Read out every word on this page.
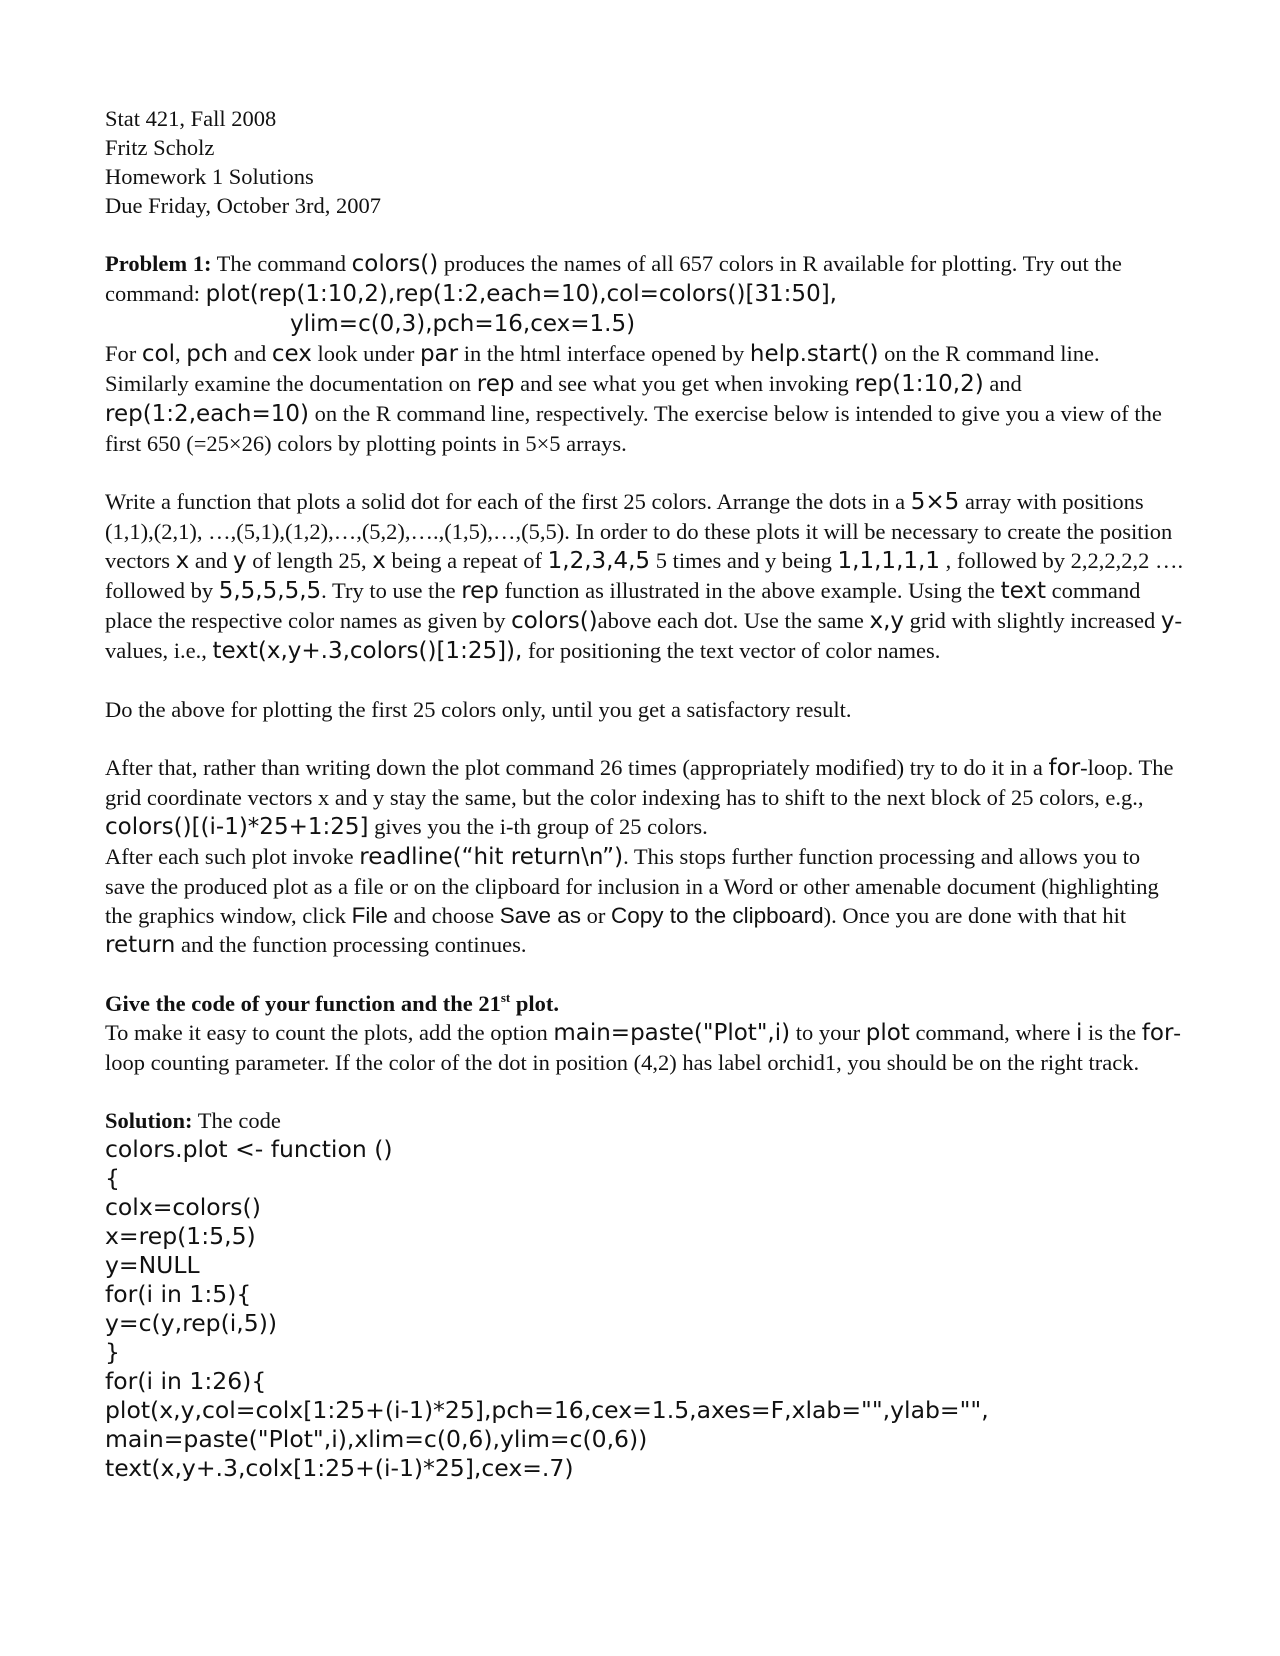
Stat 421, Fall 2008

Fritz Scholz

Homework 1 Solutions

Due Friday, October 3rd, 2007

Problem 1: The command colors() produces the names of all 657 colors in R available for plotting. Try out the command: plot(rep(1:10,2),rep(1:2,each=10),col=colors()[31:50],

ylim=c(0,3),pch=16,cex=1.5)

For col, pch and cex look under par in the html interface opened by help.start() on the R command line. Similarly examine the documentation on rep and see what you get when invoking rep(1:10,2) and rep(1:2,each=10) on the R command line, respectively. The exercise below is intended to give you a view of the first 650 (=25×26) colors by plotting points in 5×5 arrays.

Write a function that plots a solid dot for each of the first 25 colors. Arrange the dots in a 5×5 array with positions (1,1),(2,1), …,(5,1),(1,2),…,(5,2),….,(1,5),…,(5,5). In order to do these plots it will be necessary to create the position vectors x and y of length 25, x being a repeat of 1,2,3,4,5 5 times and y being 1,1,1,1,1 , followed by 2,2,2,2,2 …. followed by 5,5,5,5,5. Try to use the rep function as illustrated in the above example. Using the text command place the respective color names as given by colors()above each dot. Use the same x,y grid with slightly increased y-values, i.e., text(x,y+.3,colors()[1:25]), for positioning the text vector of color names.

Do the above for plotting the first 25 colors only, until you get a satisfactory result.

After that, rather than writing down the plot command 26 times (appropriately modified) try to do it in a for-loop. The grid coordinate vectors x and y stay the same, but the color indexing has to shift to the next block of 25 colors, e.g., colors()[(i-1)*25+1:25] gives you the i-th group of 25 colors.

After each such plot invoke readline(“hit return\n”). This stops further function processing and allows you to save the produced plot as a file or on the clipboard for inclusion in a Word or other amenable document (highlighting the graphics window, click File and choose Save as or Copy to the clipboard). Once you are done with that hit return and the function processing continues.

Give the code of your function and the 21st plot.

To make it easy to count the plots, add the option main=paste("Plot",i) to your plot command, where i is the for-loop counting parameter. If the color of the dot in position (4,2) has label orchid1, you should be on the right track.

Solution: The code

colors.plot <- function ()
{
colx=colors()
x=rep(1:5,5)
y=NULL
for(i in 1:5){
y=c(y,rep(i,5))
}
for(i in 1:26){
plot(x,y,col=colx[1:25+(i-1)*25],pch=16,cex=1.5,axes=F,xlab="",ylab="",
main=paste("Plot",i),xlim=c(0,6),ylim=c(0,6))
text(x,y+.3,colx[1:25+(i-1)*25],cex=.7)
